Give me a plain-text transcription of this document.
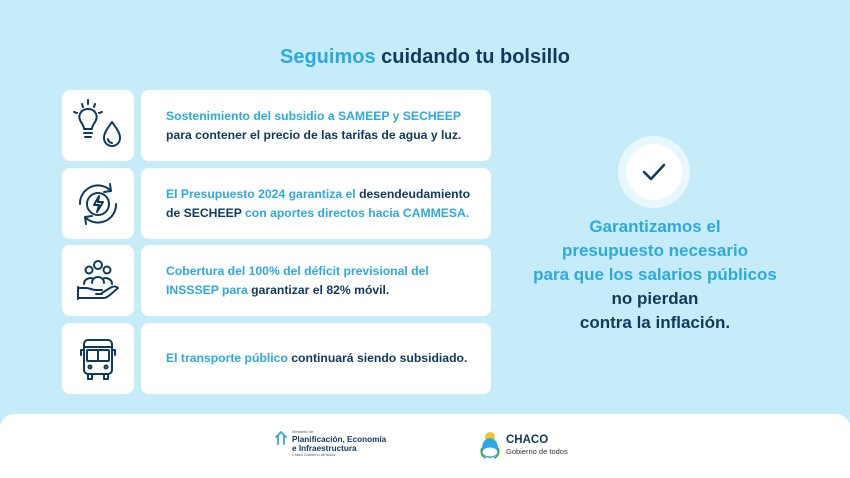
Seguimos cuidando tu bolsillo
Sostenimiento del subsidio a SAMEEP y SECHEEP para contener el precio de las tarifas de agua y luz.
El Presupuesto 2024 garantiza el desendeudamiento de SECHEEP con aportes directos hacia CAMMESA.
Cobertura del 100% del déficit previsional del INSSSEP para garantizar el 82% móvil.
El transporte público continuará siendo subsidiado.
Garantizamos el
presupuesto necesario
para que los salarios públicos
no pierdan
contra la inflación.
Ministerio de
Planificación, Economía
e Infraestructura
Chaco Gobierno de todos
CHACO
Gobierno de todos
